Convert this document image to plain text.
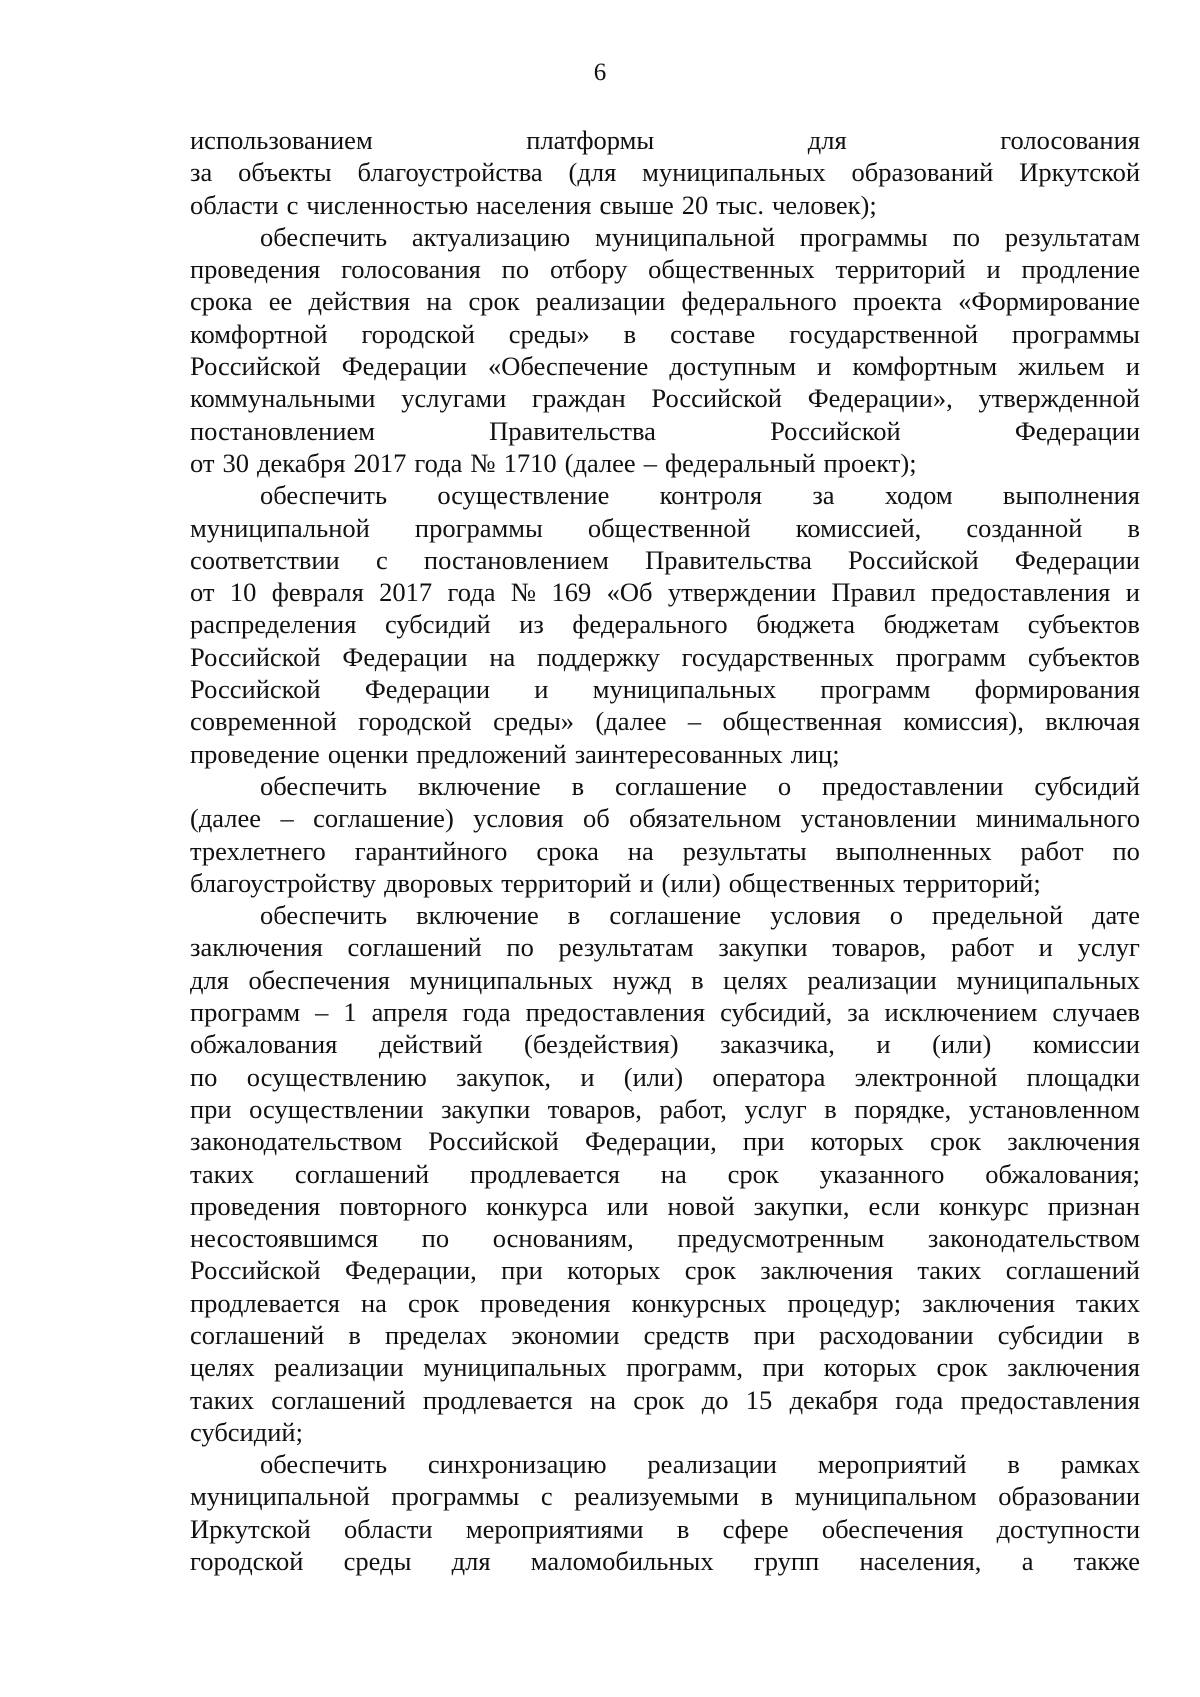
6
использованием	платформы	для	голосования
за объекты благоустройства (для муниципальных образований Иркутской
области с численностью населения свыше 20 тыс. человек);
обеспечить актуализацию муниципальной программы по результатам
проведения голосования по отбору общественных территорий и продление
срока ее действия на срок реализации федерального проекта «Формирование
комфортной городской среды» в составе государственной программы
Российской Федерации «Обеспечение доступным и комфортным жильем и
коммунальными услугами граждан Российской Федерации», утвержденной
постановлением	Правительства	Российской	Федерации
от 30 декабря 2017 года № 1710 (далее – федеральный проект);
обеспечить осуществление контроля за ходом выполнения
муниципальной программы общественной комиссией, созданной в
соответствии с постановлением Правительства Российской Федерации
от 10 февраля 2017 года № 169 «Об утверждении Правил предоставления и
распределения субсидий из федерального бюджета бюджетам субъектов
Российской Федерации на поддержку государственных программ субъектов
Российской Федерации и муниципальных программ формирования
современной городской среды» (далее – общественная комиссия), включая
проведение оценки предложений заинтересованных лиц;
обеспечить включение в соглашение о предоставлении субсидий
(далее – соглашение) условия об обязательном установлении минимального
трехлетнего гарантийного срока на результаты выполненных работ по
благоустройству дворовых территорий и (или) общественных территорий;
обеспечить включение в соглашение условия о предельной дате
заключения соглашений по результатам закупки товаров, работ и услуг
для обеспечения муниципальных нужд в целях реализации муниципальных
программ – 1 апреля года предоставления субсидий, за исключением случаев
обжалования действий (бездействия) заказчика, и (или) комиссии
по осуществлению закупок, и (или) оператора электронной площадки
при осуществлении закупки товаров, работ, услуг в порядке, установленном
законодательством Российской Федерации, при которых срок заключения
таких соглашений продлевается на срок указанного обжалования;
проведения повторного конкурса или новой закупки, если конкурс признан
несостоявшимся по основаниям, предусмотренным законодательством
Российской Федерации, при которых срок заключения таких соглашений
продлевается на срок проведения конкурсных процедур; заключения таких
соглашений в пределах экономии средств при расходовании субсидии в
целях реализации муниципальных программ, при которых срок заключения
таких соглашений продлевается на срок до 15 декабря года предоставления
субсидий;
обеспечить синхронизацию реализации мероприятий в рамках
муниципальной программы с реализуемыми в муниципальном образовании
Иркутской области мероприятиями в сфере обеспечения доступности
городской среды для маломобильных групп населения, а также
